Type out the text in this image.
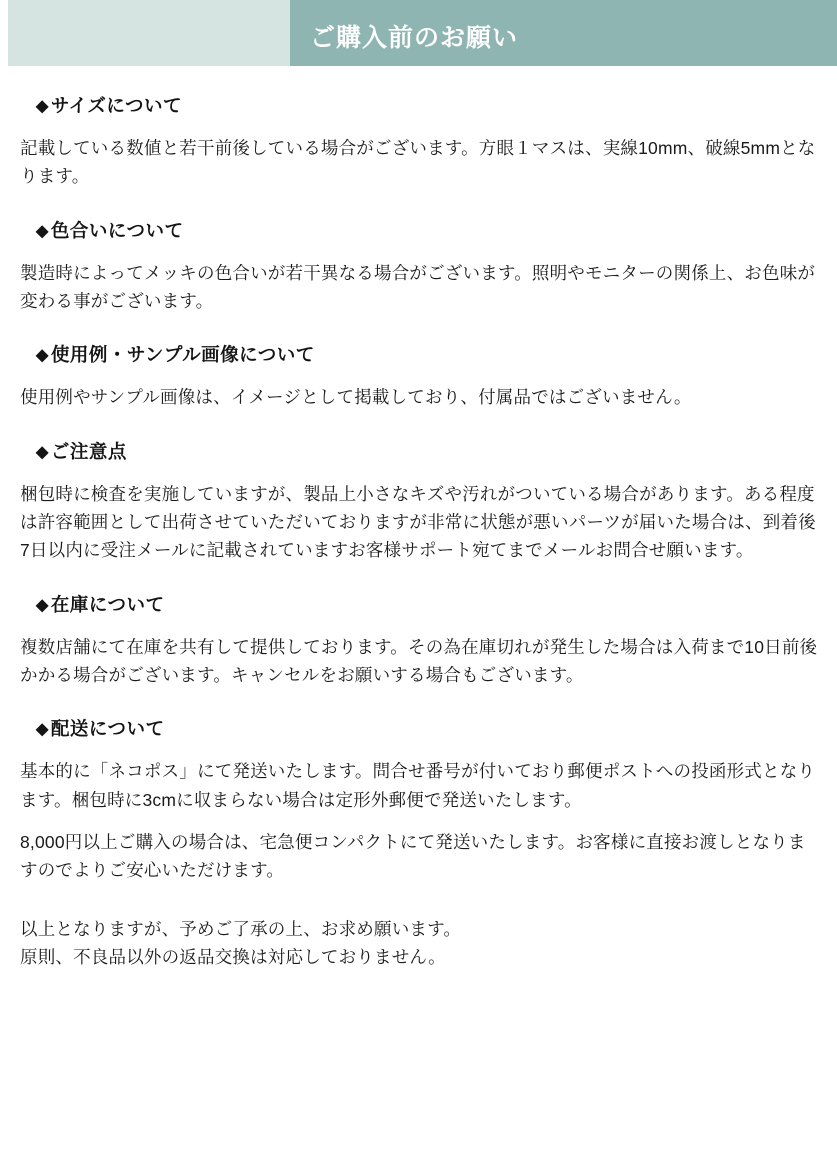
ご購入前のお願い
◆ サイズについて
記載している数値と若干前後している場合がございます。方眼１マスは、実線10mm、破線5mmとなります。
◆ 色合いについて
製造時によってメッキの色合いが若干異なる場合がございます。照明やモニターの関係上、お色味が変わる事がございます。
◆ 使用例・サンプル画像について
使用例やサンプル画像は、イメージとして掲載しており、付属品ではございません。
◆ ご注意点
梱包時に検査を実施していますが、製品上小さなキズや汚れがついている場合があります。ある程度は許容範囲として出荷させていただいておりますが非常に状態が悪いパーツが届いた場合は、到着後7日以内に受注メールに記載されていますお客様サポート宛てまでメールお問合せ願います。
◆ 在庫について
複数店舗にて在庫を共有して提供しております。その為在庫切れが発生した場合は入荷まで10日前後かかる場合がございます。キャンセルをお願いする場合もございます。
◆ 配送について
基本的に「ネコポス」にて発送いたします。問合せ番号が付いており郵便ポストへの投函形式となります。梱包時に3cmに収まらない場合は定形外郵便で発送いたします。
8,000円以上ご購入の場合は、宅急便コンパクトにて発送いたします。お客様に直接お渡しとなりますのでよりご安心いただけます。
以上となりますが、予めご了承の上、お求め願います。
原則、不良品以外の返品交換は対応しておりません。
